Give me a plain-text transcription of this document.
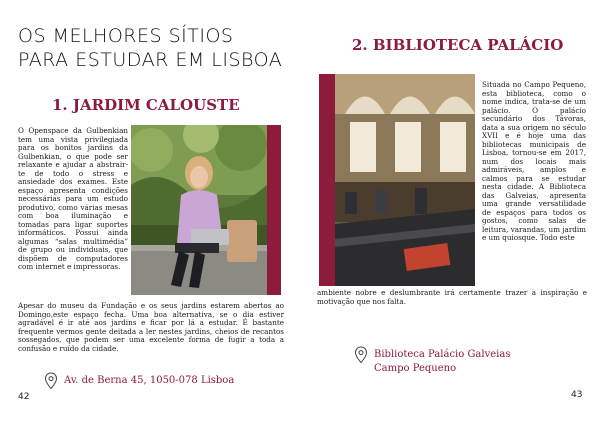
OS MELHORES SÍTIOS PARA ESTUDAR EM LISBOA
1. JARDIM CALOUSTE

O Openspace da Gulbenkian tem uma vista privilegiada para os bonitos jardins da Gulbenkian, o que pode ser relaxante e ajudar a abstrair-te de todo o stress e ansiedade dos exames. Este espaço apresenta condições necessárias para um estudo produtivo, como várias mesas com boa iluminação e tomadas para ligar suportes informáticos. Possui ainda algumas “salas multimédia” de grupo ou individuais, que dispõem de computadores com internet e impressoras.

Apesar do museu da Fundação e os seus jardins estarem abertos ao Domingo,este espaço fecha. Uma boa alternativa, se o dia estiver agradável é ir até aos jardins e ficar por lá a estudar. É bastante frequente vermos gente deitada a ler nestes jardins, cheios de recantos sossegados, que podem ser uma excelente forma de fugir a toda a confusão e ruído da cidade.

Av. de Berna 45, 1050-078 Lisboa

42
2. BIBLIOTECA PALÁCIO

Situada no Campo Pequeno, esta biblioteca, como o nome indica, trata-se de um palácio. O palácio secundário dos Távoras, data a sua origem no século XVII e é hoje uma das bibliotecas municipais de Lisboa, tornou-se em 2017, num dos locais mais admiráveis, amplos e calmos para se estudar nesta cidade. A Biblioteca das Galveias, apresenta uma grande versatilidade de espaços para todos os gostos, como salas de leitura, varandas, um jardim e um quiosque. Todo este

ambiente nobre e deslumbrante irá certamente trazer a inspiração e motivação que nos falta.

Biblioteca Palácio Galveias

Campo Pequeno

43
